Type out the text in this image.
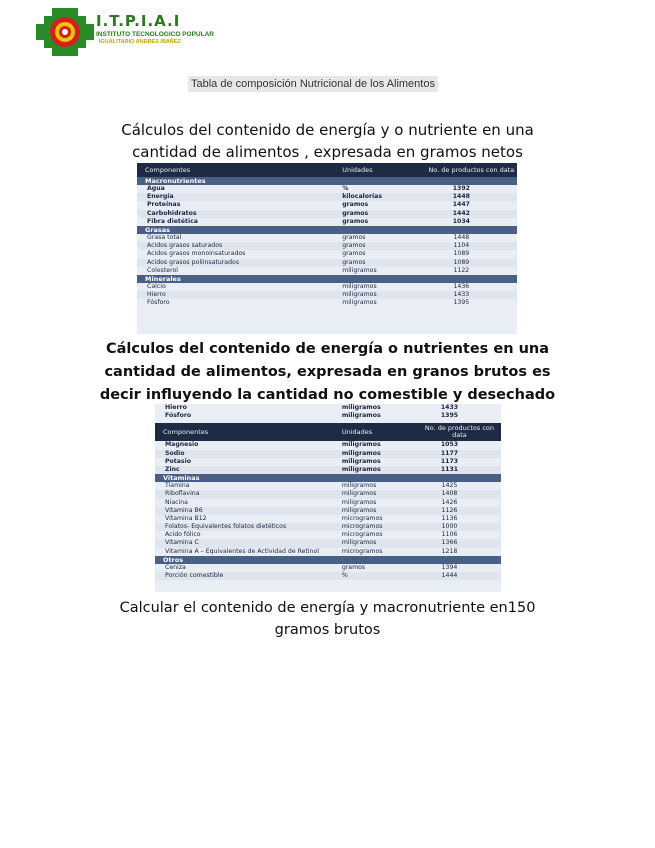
I.T.P.I.A.I
INSTITUTO TECNOLOGICO POPULAR
IGUALITARIO ANDRES IBAÑEZ
Tabla de composición Nutricional de los Alimentos
Cálculos del contenido de energía y o nutriente en una
cantidad de alimentos , expresada en gramos netos
Componentes	Unidades	No. de productos con data
Macronutrientes
Agua	%	1392
Energía	kilocalorías	1448
Proteínas	gramos	1447
Carbohidratos	gramos	1442
Fibra dietética	gramos	1034
Grasas
Grasa total	gramos	1448
Ácidos grasos saturados	gramos	1104
Ácidos grasos monoinsaturados	gramos	1089
Ácidos grasos poliinsaturados	gramos	1089
Colesterol	miligramos	1122
Minerales
Calcio	miligramos	1436
Hierro	miligramos	1433
Fósforo	miligramos	1395
Cálculos del contenido de energía o nutrientes en una
cantidad de alimentos, expresada en granos brutos es
decir influyendo la cantidad no comestible y desechado
Hierro	miligramos	1433
Fósforo	miligramos	1395
Componentes	Unidades	No. de productos con data
Magnesio	miligramos	1053
Sodio	miligramos	1177
Potasio	miligramos	1173
Zinc	miligramos	1131
Vitaminas
Tiamina	miligramos	1425
Riboflavina	miligramos	1408
Niacina	miligramos	1426
Vitamina B6	miligramos	1126
Vitamina B12	microgramos	1136
Folatos- Equivalentes folatos dietéticos	microgramos	1000
Ácido fólico	microgramos	1106
Vitamina C	miligramos	1366
Vitamina A – Equivalentes de Actividad de Retinol	microgramos	1218
Otros
Ceniza	gramos	1394
Porción comestible	%	1444
Calcular el contenido de energía y macronutriente en150
gramos brutos
